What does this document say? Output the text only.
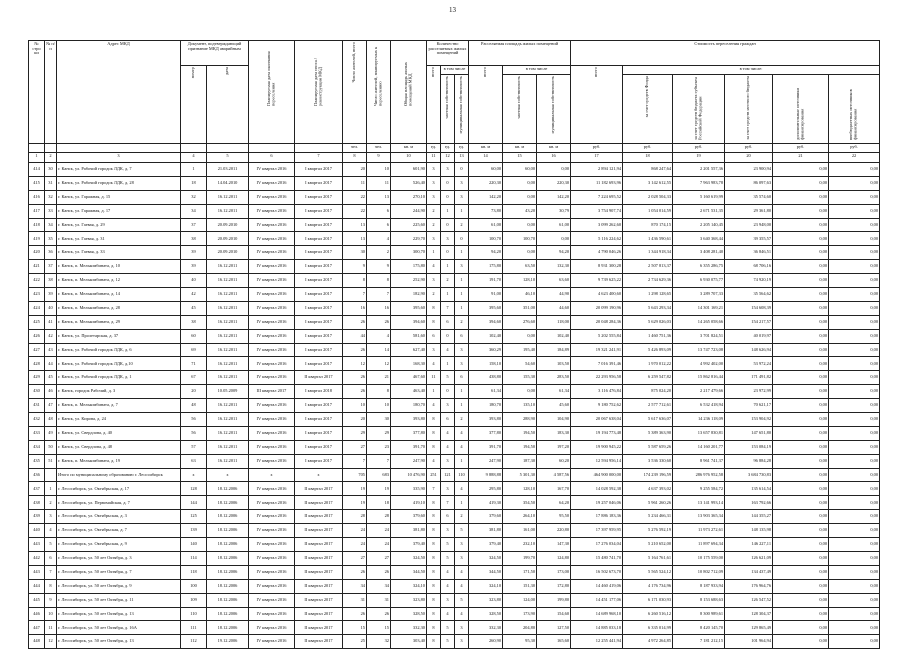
13
№ стро ки	№ п/п	Адрес МКД	Документ, подтверждающий признание МКД аварийным		Планируемая дата окончания переселения	Планируемая дата сноса / реконструкции МКД	Число жителей, всего	Число жителей, планируемых к переселению	Общая площадь жилых помещений МКД	Количество расселяемых жилых помещений			Расселяемая площадь жилых помещений			Стоимость переселения граждан					
			номер	дата						всего	в том числе		всего	в том числе		всего	в том числе:				
											частная собственность	муниципальная собственность		частная собственность	муниципальная собственность		за счет средств Фонда	за счет средств бюджета субъекта Российской Федерации	за счет средств местного бюджета	дополнительные источники финансирования	внебюджетных источников финансирования
							чел.	чел.	кв. м	ед.	ед.	ед.	кв. м	кв. м	кв. м	руб.	руб.	руб.	руб.	руб.	руб.
1	2	3	4	5	6	7	8	9	10	11	12	13	14	15	16	17	18	19	20	21	22
414	30	г. Канск, ул. Рабочий городок ЛДК, д. 7	1	21.03.2011	IV квартал 2016	I квартал 2017	20	10	601,90	3	3	0	60,00	60,00	0,00	2 894 121,94	868 247,64	2 201 557,36	23 900,94	0,00	0,00
415	31	г. Канск, ул. Рабочий городок ЛДК, д. 28	18	14.04.2010	IV квартал 2016	I квартал 2017	11	11	526,40	3	0	3	220,30	0,00	220,30	11 182 693,96	3 142 612,55	7 963 983,78	86 097,63	0,00	0,00
416	32	г. Канск, ул. Гаражная, д. 15	32	16.12.2011	IV квартал 2016	I квартал 2017	22	13	270,10	3	0	3	142,20	0,00	142,20	7 224 695,52	2 028 504,33	5 160 619,99	35 574,60	0,00	0,00
417	33	г. Канск, ул. Гаражная, д. 17	34	16.12.2011	IV квартал 2016	I квартал 2017	22	6	244,90	2	1	1	73,80	43,20	30,79	3 754 907,74	1 054 014,59	2 671 531,35	29 361,80	0,00	0,00
418	34	г. Канск, ул. Гаевая, д. 29	37	20.09.2010	IV квартал 2016	I квартал 2017	13	6	225,60	2	0	2	61,00	0,00	61,00	3 099 262,60	870 174,15	2 205 140,45	23 948,00	0,00	0,00
419	35	г. Канск, ул. Гаевая, д. 31	38	20.09.2010	IV квартал 2016	I квартал 2017	13	4	229,70	3	3	0	100,70	100,70	0,00	5 116 224,62	1 436 590,61	3 640 368,44	39 355,57	0,00	0,00
420	36	г. Канск, ул. Гаевая, д. 33	39	20.09.2010	IV квартал 2016	I квартал 2017	30	2	300,70	1	0	1	94,20	0,00	94,20	4 790 046,26	1 344 918,34	3 408 281,40	36 846,51	0,00	0,00
421	37	г. Канск, п. Мелькомбината, д. 10	39	16.12.2011	IV квартал 2016	I квартал 2017	9	9	175,80	4	1	3	175,80	63,50	132,30	8 931 300,28	2 507 813,37	6 355 286,75	68 706,16	0,00	0,00
422	38	г. Канск, п. Мелькомбината, д. 12	40	16.12.2011	IV квартал 2016	I квартал 2017	8	8	252,90	3	2	1	191,70	128,10	63,60	9 739 625,22	2 734 629,36	6 930 075,77	74 920,19	0,00	0,00
423	39	г. Канск, п. Мелькомбината, д. 14	42	16.12.2011	IV квартал 2016	I квартал 2017	7	7	182,90	2	1	1	91,00	46,10	44,90	4 623 400,60	1 298 128,65	3 289 707,33	35 564,62	0,00	0,00
424	40	г. Канск, п. Мелькомбината, д. 28	45	16.12.2011	IV квартал 2016	I квартал 2017	16	16	395,60	8	7	1	395,60	351,00	44,60	20 099 190,96	5 643 293,34	14 301 169,21	154 608,39	0,00	0,00
425	41	г. Канск, п. Мелькомбината, д. 29	38	16.12.2011	IV квартал 2016	I квартал 2017	26	26	394,60	8	6	2	394,60	276,60	118,00	20 048 284,36	5 629 026,03	14 265 058,66	154 217,57	0,00	0,00
426	42	г. Канск, ул. Пролетарская, д. 37	60	16.12.2011	IV квартал 2016	I квартал 2017	44	4	581,60	6	0	6	102,40	0,00	102,40	5 202 555,84	1 460 751,36	3 701 824,51	40 019,97	0,00	0,00
427	43	г. Канск, ул. Рабочий городок ЛДК, д. 6	69	16.12.2011	IV квартал 2016	I квартал 2017	26	14	627,40	3	4	3	360,29	195,40	184,89	19 321 241,91	5 426 893,09	13 747 723,08	148 626,94	0,00	0,00
428	44	г. Канск, ул. Рабочий городок ЛДК, д.10	71	16.12.2011	IV квартал 2016	I квартал 2017	12	12	168,30	4	1	3	158,10	54,60	103,50	7 016 391,46	1 970 012,22	4 992 402,00	53 972,24	0,00	0,00
429	45	г. Канск, ул. Рабочий городок ЛДК, д. 1	67	16.12.2011	IV квартал 2016	II квартал 2017	26	21	467,60	11	5	6	438,80	155,30	283,50	22 293 956,58	6 259 547,82	15 862 816,44	171 491,82	0,00	0,00
430	46	г. Канск, городок Рабочий, д. 3	20	10.05.2009	III квартал 2017	I квартал 2018	26	8	463,40	1	0	1	61,34	0,00	61,34	3 116 476,84	875 024,20	2 217 479,66	23 972,99	0,00	0,00
431	47	г. Канск, п. Мелькомбината, д. 7	48	16.12.2011	IV квартал 2016	I квартал 2017	10	10	180,70	4	3	1	180,70	135,10	45,60	9 180 752,62	2 577 712,61	6 532 418,94	70 621,17	0,00	0,00
432	48	г. Канск, ул. Кирова, д. 24	56	16.12.2011	IV квартал 2016	I квартал 2017	20	30	393,80	8	6	2	393,80	288,90	104,90	20 067 638,04	5 617 636,07	14 236 118,09	153 904,92	0,00	0,00
433	49	г. Канск, ул. Свердлова, д. 40	56	16.12.2011	IV квартал 2016	I квартал 2017	29	29	377,80	8	4	4	377,80	194,50	183,30	19 194 773,48	5 389 363,90	13 657 830,81	147 651,80	0,00	0,00
434	50	г. Канск, ул. Свердлова, д. 48	57	16.12.2011	IV квартал 2016	I квартал 2017	27	23	391,70	8	4	4	391,70	194,50	197,20	19 900 945,22	5 587 659,26	14 160 201,77	153 084,19	0,00	0,00
435	51	г. Канск, п. Мелькомбината, д. 19	63	16.12.2011	IV квартал 2016	I квартал 2017	7	7	247,90	4	3	1	247,90	187,30	60,20	12 594 956,14	3 536 330,60	8 961 741,37	96 884,28	0,00	0,00
436		Итого по муниципальному образованию г. Лесосибирск	x	x	x	x	705	683	10 476,90	251	121	110	9 888,88	5 301,30	4 587,56	464 900 000,00	174 239 196,59	286 976 952,58	3 684 730,83	0,00	0,00
437	1	г. Лесосибирск, ул. Октябрьская, д. 17	128	18.12.2006	IV квартал 2016	II квартал 2017	19	19	335,90	7	3	4	295,80	128,10	167,70	14 028 592,38	4 637 393,02	9 255 584,72	135 614,54	0,00	0,00
438	2	г. Лесосибирск, ул. Первомайская, д. 7	144	18.12.2006	IV квартал 2016	II квартал 2017	19	18	419,10	8	7	1	419,30	354,50	64,20	19 257 046,06	5 961 260,26	13 141 993,14	163 792,66	0,00	0,00
439	3	г. Лесосибирск, ул. Октябрьская, д. 3	125	18.12.2006	IV квартал 2016	II квартал 2017	28	28	379,60	8	6	2	379,60	264,10	95,50	17 886 183,36	5 234 466,31	13 903 365,34	144 355,27	0,00	0,00
440	4	г. Лесосибирск, ул. Октябрьская, д. 7	139	18.12.2006	IV квартал 2016	II квартал 2017	24	24	381,80	8	3	5	381,80	161,00	220,80	17 397 959,95	5 276 592,19	11 973 272,61	148 135,98	0,00	0,00
443	5	г. Лесосибирск, ул. Октябрьская, д. 9	140	18.12.2006	IV квартал 2016	II квартал 2017	24	24	379,40	8	5	3	379,40	232,10	147,30	17 276 034,04	5 210 652,00	11 897 694,34	146 227,11	0,00	0,00
442	6	г. Лесосибирск, ул. 50 лет Октября, д. 3	114	18.12.2006	IV квартал 2016	II квартал 2017	27	27	324,50	8	5	3	324,50	199,70	124,80	15 480 741,70	5 164 761,61	10 175 559,00	126 621,09	0,00	0,00
443	7	г. Лесосибирск, ул. 50 лет Октября, д. 7	118	18.12.2006	IV квартал 2016	II квартал 2017	26	26	344,50	8	4	4	344,50	171,50	173,00	16 502 673,70	5 565 524,12	10 802 712,09	134 437,49	0,00	0,00
444	8	г. Лесосибирск, ул. 50 лет Октября, д. 9	100	18.12.2006	IV квартал 2016	II квартал 2017	34	34	324,10	8	4	4	324,10	151,30	172,80	14 460 419,06	4 176 734,96	8 187 933,94	176 964,76	0,00	0,00
445	9	г. Лесосибирск, ул. 50 лет Октября, д. 11	109	18.12.2006	IV квартал 2016	II квартал 2017	31	31	323,80	8	3	5	323,80	124,00	199,80	14 451 177,06	6 171 030,93	8 153 688,63	126 547,52	0,00	0,00
446	10	г. Лесосибирск, ул. 50 лет Октября, д. 13	110	18.12.2006	IV квартал 2016	II квартал 2017	26	26	328,50	8	4	4	328,50	173,90	154,60	14 689 968,10	6 260 516,12	8 300 989,61	128 304,37	0,00	0,00
447	11	г. Лесосибирск, ул. 50 лет Октября, д. 16А	111	18.12.2006	IV квартал 2016	II квартал 2017	15	15	332,30	8	5	3	332,30	204,80	127,50	14 885 033,18	6 335 014,99	8 420 145,70	129 865,49	0,00	0,00
448	12	г. Лесосибирск, ул. 50 лет Октября, д. 13	112	19.12.2006	IV квартал 2016	II квартал 2017	25	32	303,40	8	5	3	260,90	95,30	165,60	12 255 441,94	4 972 264,85	7 181 212,15	101 964,94	0,00	0,00
